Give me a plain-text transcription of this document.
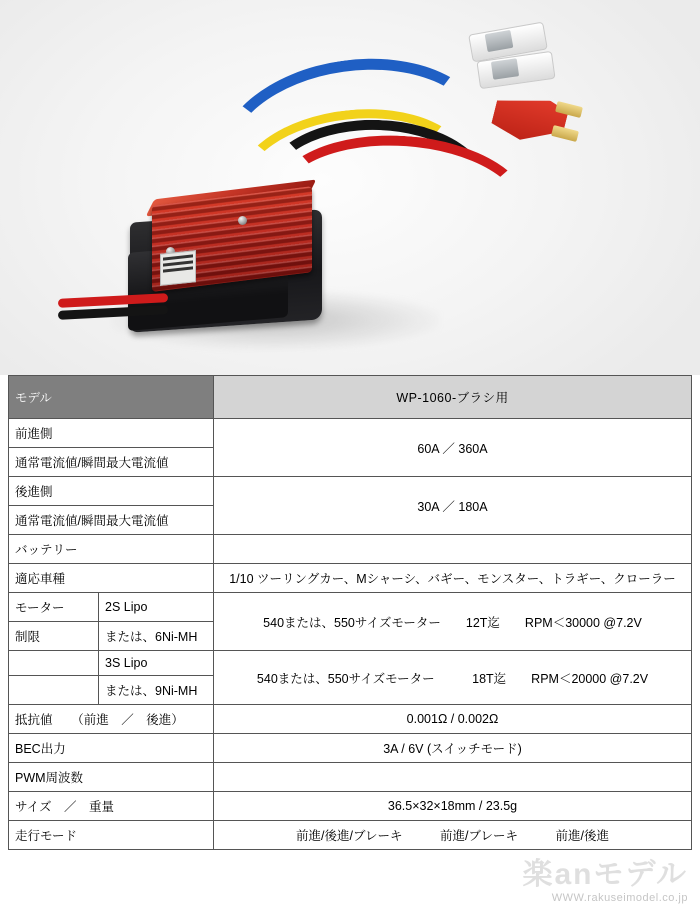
モデル		WP-1060-ブラシ用
前進側		60A ／ 360A
通常電流値/瞬間最大電流値		
後進側		30A ／ 180A
通常電流値/瞬間最大電流値		
バッテリー		
適応車種		1/10 ツーリングカー、Mシャーシ、バギー、モンスター、トラギー、クローラー
モーター	2S Lipo	540または、550サイズモーター　　12T迄　　RPM＜30000 @7.2V
制限	または、6Ni-MH	
	3S Lipo	540または、550サイズモーター　　　18T迄　　RPM＜20000 @7.2V
	または、9Ni-MH	
抵抗値　　（前進　／　後進）		0.001Ω / 0.002Ω
BEC出力		3A / 6V (スイッチモード)
PWM周波数		
サイズ　／　重量		36.5×32×18mm / 23.5g
走行モード		前進/後進/ブレーキ　　　前進/ブレーキ　　　前進/後進
楽anモデル
WWW.rakuseimodel.co.jp
